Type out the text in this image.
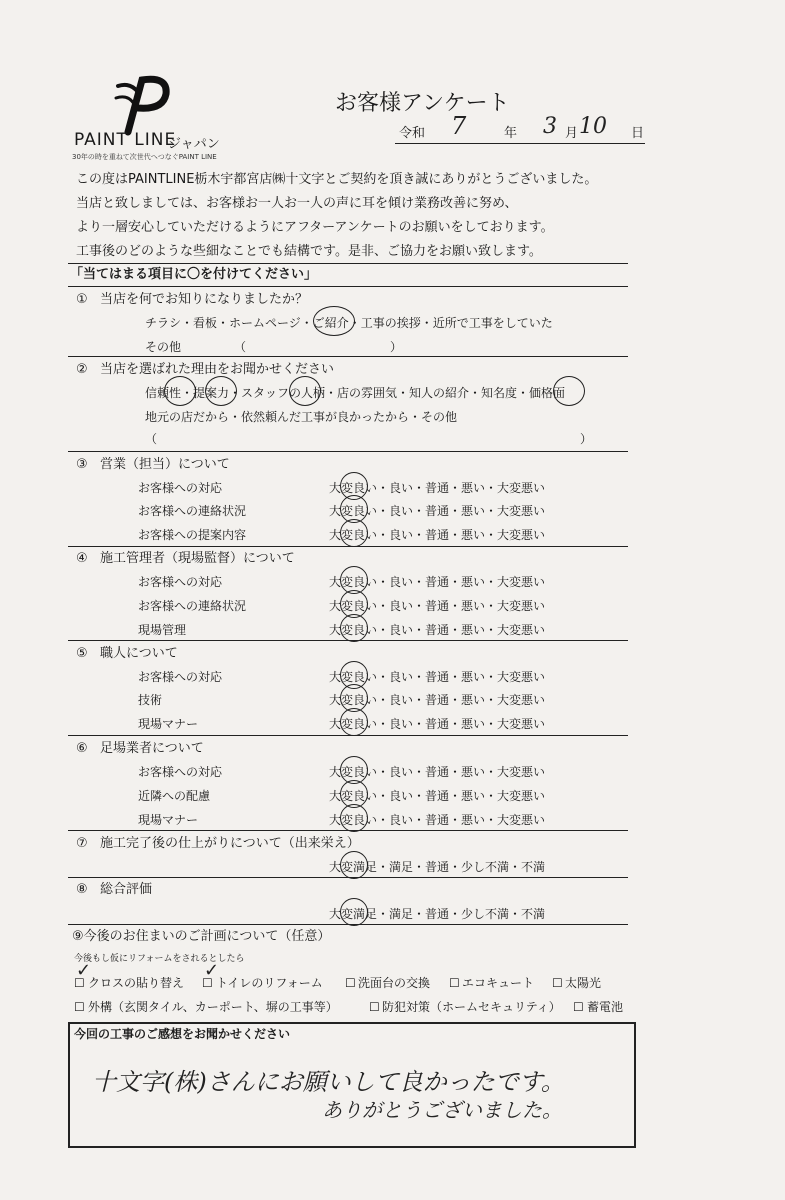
PAINT LINE
ジャパン
30年の時を重ねて次世代へつなぐPAINT LINE
お客様アンケート
令和 7	年 3 月 10 日
この度はPAINTLINE栃木宇都宮店㈱十文字とご契約を頂き誠にありがとうございました。
当店と致しましては、お客様お一人お一人の声に耳を傾け業務改善に努め、
より一層安心していただけるようにアフターアンケートのお願いをしております。
工事後のどのような些細なことでも結構です。是非、ご協力をお願い致します。
「当てはまる項目に〇を付けてください」
① 当店を何でお知りになりましたか？
チラシ・看板・ホームページ・ご紹介・工事の挨拶・近所で工事をしていた
その他	（	）
② 当店を選ばれた理由をお聞かせください
信頼性・提案力・スタッフの人柄・店の雰囲気・知人の紹介・知名度・価格面
地元の店だから・依然頼んだ工事が良かったから・その他
（	）
③ 営業（担当）について
お客様への対応	大変良い・良い・普通・悪い・大変悪い
お客様への連絡状況	大変良い・良い・普通・悪い・大変悪い
お客様への提案内容	大変良い・良い・普通・悪い・大変悪い
④ 施工管理者（現場監督）について
お客様への対応	大変良い・良い・普通・悪い・大変悪い
お客様への連絡状況	大変良い・良い・普通・悪い・大変悪い
現場管理	大変良い・良い・普通・悪い・大変悪い
⑤ 職人について
お客様への対応	大変良い・良い・普通・悪い・大変悪い
技術	大変良い・良い・普通・悪い・大変悪い
現場マナー	大変良い・良い・普通・悪い・大変悪い
⑥ 足場業者について
お客様への対応	大変良い・良い・普通・悪い・大変悪い
近隣への配慮	大変良い・良い・普通・悪い・大変悪い
現場マナー	大変良い・良い・普通・悪い・大変悪い
⑦ 施工完了後の仕上がりについて（出来栄え）
大変満足・満足・普通・少し不満・不満
⑧ 総合評価
大変満足・満足・普通・少し不満・不満
⑨今後のお住まいのご計画について（任意）
今後もし仮にリフォームをされるとしたら
☐
✓
クロスの貼り替え ☐
✓
トイレのリフォーム ☐ 洗面台の交換 ☐ エコキュート ☐ 太陽光
☐ 外構（玄関タイル、カーポート、塀の工事等）	☐ 防犯対策（ホームセキュリティ） ☐ 蓄電池
今回の工事のご感想をお聞かせください
十文字(株)さんにお願いして良かったです。
ありがとうございました。
